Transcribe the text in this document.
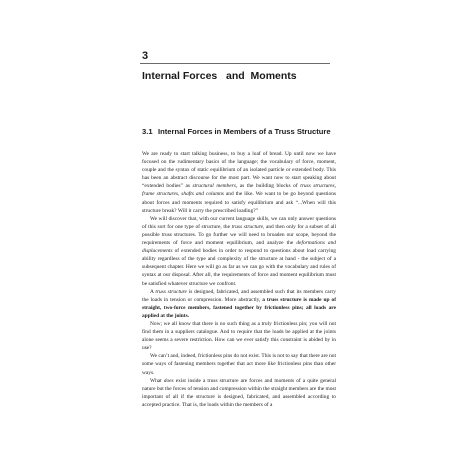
3
Internal Forces   and  Moments
3.1 Internal Forces in Members of a Truss Structure

We are ready to start talking business, to buy a loaf of bread. Up until now we have focused on the rudimentary basics of the language; the vocabulary of force, moment, couple and the syntax of static equilibrium of an isolated particle or extended body. This has been an abstract discourse for the most part. We want now to start speaking about “extended bodies” as structural members, as the building blocks of truss structures, frame structures, shafts and columns and the like. We want to be go beyond questions about forces and moments required to satisfy equilibrium and ask “...When will this structure break? Will it carry the prescribed loading?”

We will discover that, with our current language skills, we can only answer questions of this sort for one type of structure, the truss structure, and then only for a subset of all possible truss structures. To go further we will need to broaden our scope, beyond the requirements of force and moment equilibrium, and analyze the deformations and displacements of extended bodies in order to respond to questions about load carrying ability regardless of the type and complexity of the structure at hand - the subject of a subsequent chapter. Here we will go as far as we can go with the vocabulary and rules of syntax at our disposal. After all, the requirements of force and moment equilibrium must be satisfied whatever structure we confront.

A truss structure is designed, fabricated, and assembled such that its members carry the loads in tension or compression. More abstractly, a truss structure is made up of straight, two-force members, fastened together by frictionless pins; all loads are applied at the joints.

Now; we all know that there is no such thing as a truly frictionless pin; you will not find them in a suppliers catalogue. And to require that the loads be applied at the joints alone seems a severe restriction. How can we ever satisfy this constraint is abided by in use?

We can’t and, indeed, frictionless pins do not exist. This is not to say that there are not some ways of fastening members together that act more like frictionless pins than other ways.

What does exist inside a truss structure are forces and moments of a quite general nature but the forces of tension and compression within the straight members are the most important of all if the structure is designed, fabricated, and assembled according to accepted practice. That is, the loads within the members of a
